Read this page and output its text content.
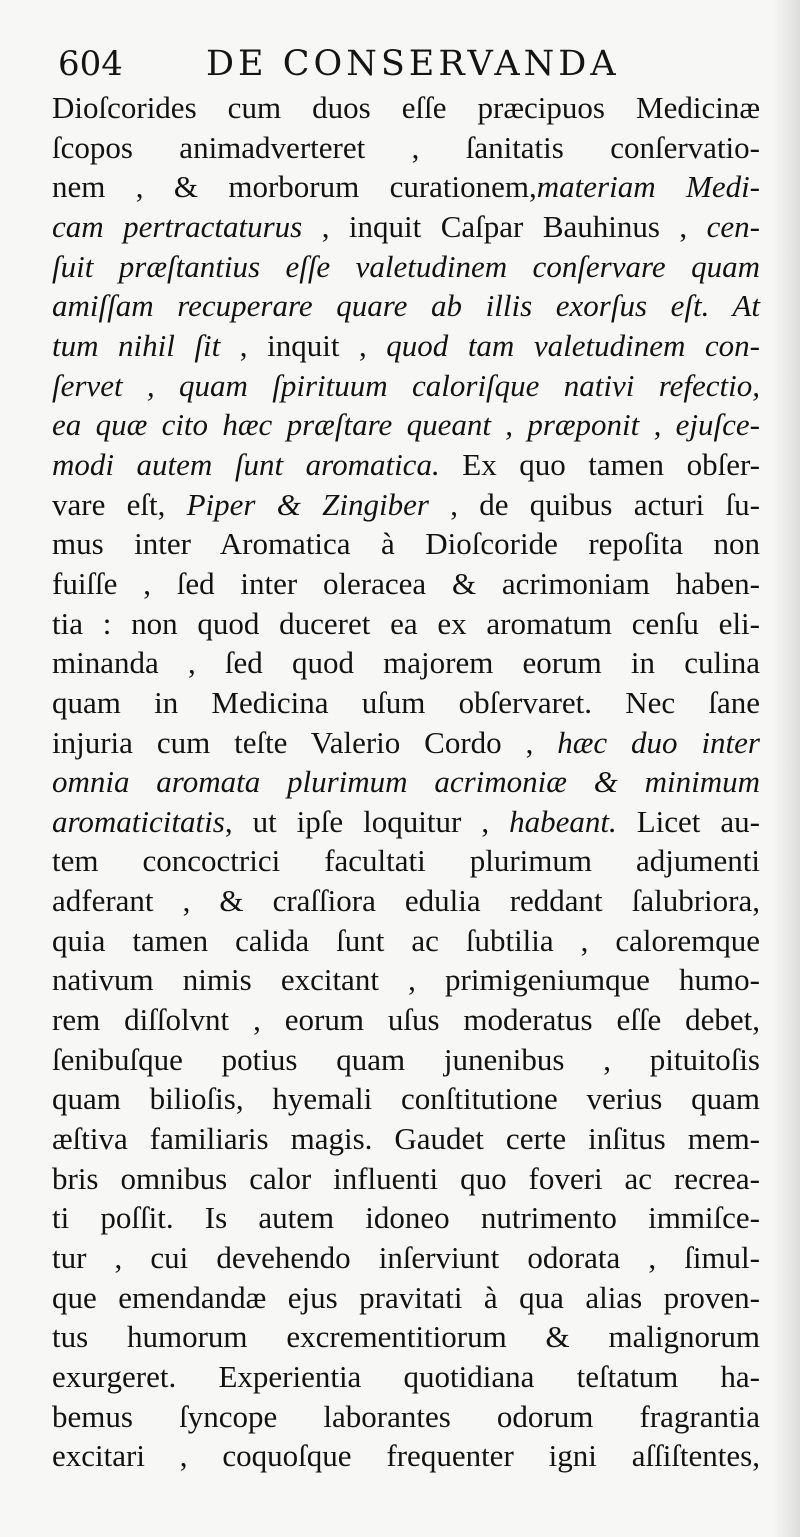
604 DE CONSERVANDA
Dioſcorides cum duos eſſe præcipuos Medicinæ
ſcopos animadverteret , ſanitatis conſervatio-
nem , & morborum curationem,materiam Medi-
cam pertractaturus , inquit Caſpar Bauhinus , cen-
ſuit præſtantius eſſe valetudinem conſervare quam
amiſſam recuperare quare ab illis exorſus eſt. At
tum nihil ſit , inquit , quod tam valetudinem con-
ſervet , quam ſpirituum caloriſque nativi refectio,
ea quæ cito hæc præſtare queant , præponit , ejuſce-
modi autem ſunt aromatica. Ex quo tamen obſer-
vare eſt, Piper & Zingiber , de quibus acturi ſu-
mus inter Aromatica à Dioſcoride repoſita non
fuiſſe , ſed inter oleracea & acrimoniam haben-
tia : non quod duceret ea ex aromatum cenſu eli-
minanda , ſed quod majorem eorum in culina
quam in Medicina uſum obſervaret. Nec ſane
injuria cum teſte Valerio Cordo , hæc duo inter
omnia aromata plurimum acrimoniæ & minimum
aromaticitatis, ut ipſe loquitur , habeant. Licet au-
tem concoctrici facultati plurimum adjumenti
adferant , & craſſiora edulia reddant ſalubriora,
quia tamen calida ſunt ac ſubtilia , caloremque
nativum nimis excitant , primigeniumque humo-
rem diſſolvnt , eorum uſus moderatus eſſe debet,
ſenibuſque potius quam junenibus , pituitoſis
quam bilioſis, hyemali conſtitutione verius quam
æſtiva familiaris magis. Gaudet certe inſitus mem-
bris omnibus calor influenti quo foveri ac recrea-
ti poſſit. Is autem idoneo nutrimento immiſce-
tur , cui devehendo inſerviunt odorata , ſimul-
que emendandæ ejus pravitati à qua alias proven-
tus humorum excrementitiorum & malignorum
exurgeret. Experientia quotidiana teſtatum ha-
bemus ſyncope laborantes odorum fragrantia
excitari , coquoſque frequenter igni aſſiſtentes,
